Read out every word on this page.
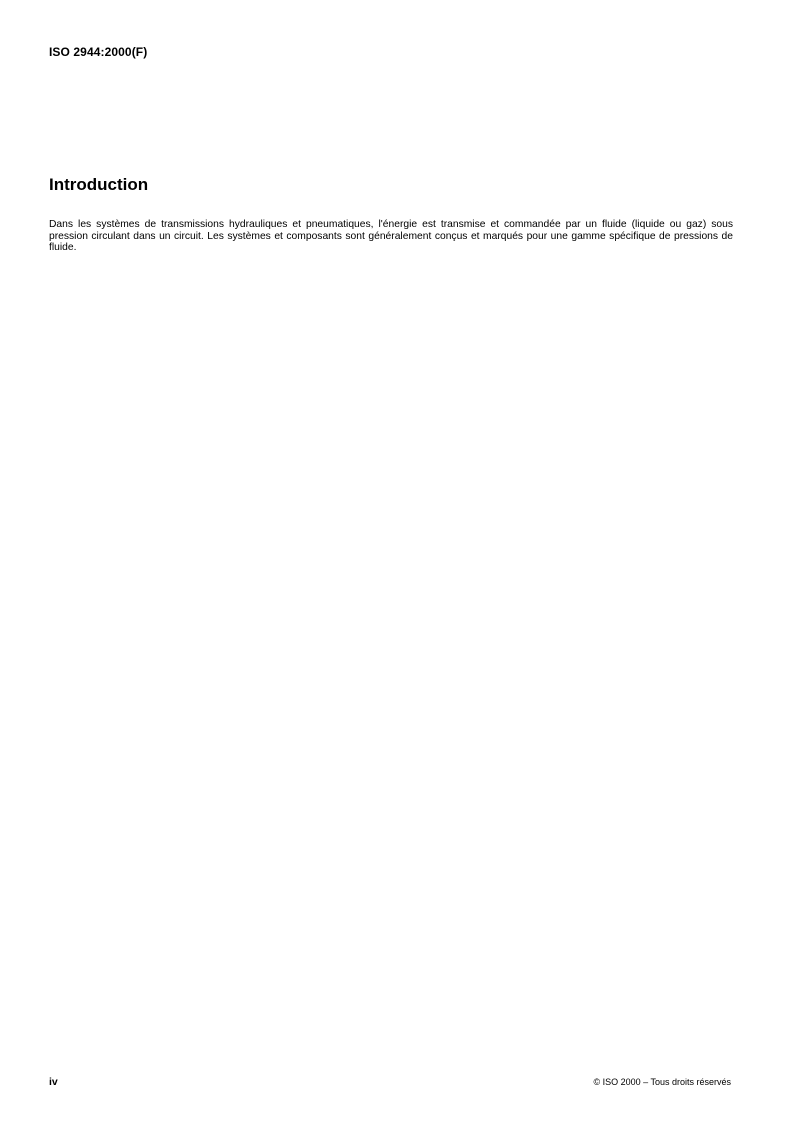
ISO 2944:2000(F)
Introduction

Dans les systèmes de transmissions hydrauliques et pneumatiques, l'énergie est transmise et commandée par un fluide (liquide ou gaz) sous pression circulant dans un circuit. Les systèmes et composants sont généralement conçus et marqués pour une gamme spécifique de pressions de fluide.

iv	© ISO 2000 – Tous droits réservés
